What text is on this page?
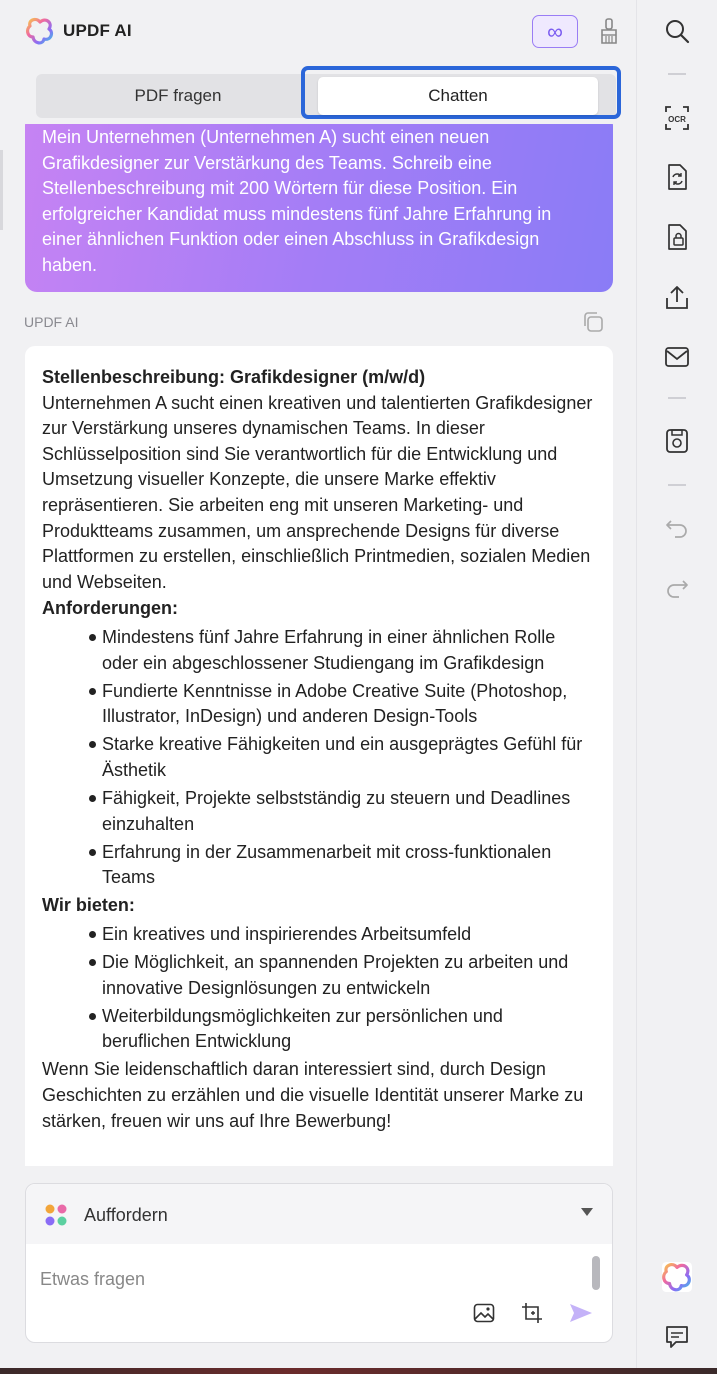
UPDF AI	∞
PDF fragen	Chatten

Mein Unternehmen (Unternehmen A) sucht einen neuen Grafikdesigner zur Verstärkung des Teams. Schreib eine Stellenbeschreibung mit 200 Wörtern für diese Position. Ein erfolgreicher Kandidat muss mindestens fünf Jahre Erfahrung in einer ähnlichen Funktion oder einen Abschluss in Grafikdesign haben.

UPDF AI
Stellenbeschreibung: Grafikdesigner (m/w/d)

Unternehmen A sucht einen kreativen und talentierten Grafikdesigner zur Verstärkung unseres dynamischen Teams. In dieser Schlüsselposition sind Sie verantwortlich für die Entwicklung und Umsetzung visueller Konzepte, die unsere Marke effektiv repräsentieren. Sie arbeiten eng mit unseren Marketing- und Produktteams zusammen, um ansprechende Designs für diverse Plattformen zu erstellen, einschließlich Printmedien, sozialen Medien und Webseiten.

Anforderungen:

Mindestens fünf Jahre Erfahrung in einer ähnlichen Rolle oder ein abgeschlossener Studiengang im Grafikdesign
Fundierte Kenntnisse in Adobe Creative Suite (Photoshop, Illustrator, InDesign) und anderen Design-Tools
Starke kreative Fähigkeiten und ein ausgeprägtes Gefühl für Ästhetik
Fähigkeit, Projekte selbstständig zu steuern und Deadlines einzuhalten
Erfahrung in der Zusammenarbeit mit cross-funktionalen Teams

Wir bieten:

Ein kreatives und inspirierendes Arbeitsumfeld
Die Möglichkeit, an spannenden Projekten zu arbeiten und innovative Designlösungen zu entwickeln
Weiterbildungsmöglichkeiten zur persönlichen und beruflichen Entwicklung

Wenn Sie leidenschaftlich daran interessiert sind, durch Design Geschichten zu erzählen und die visuelle Identität unserer Marke zu stärken, freuen wir uns auf Ihre Bewerbung!

Auffordern
Etwas fragen
OCR
